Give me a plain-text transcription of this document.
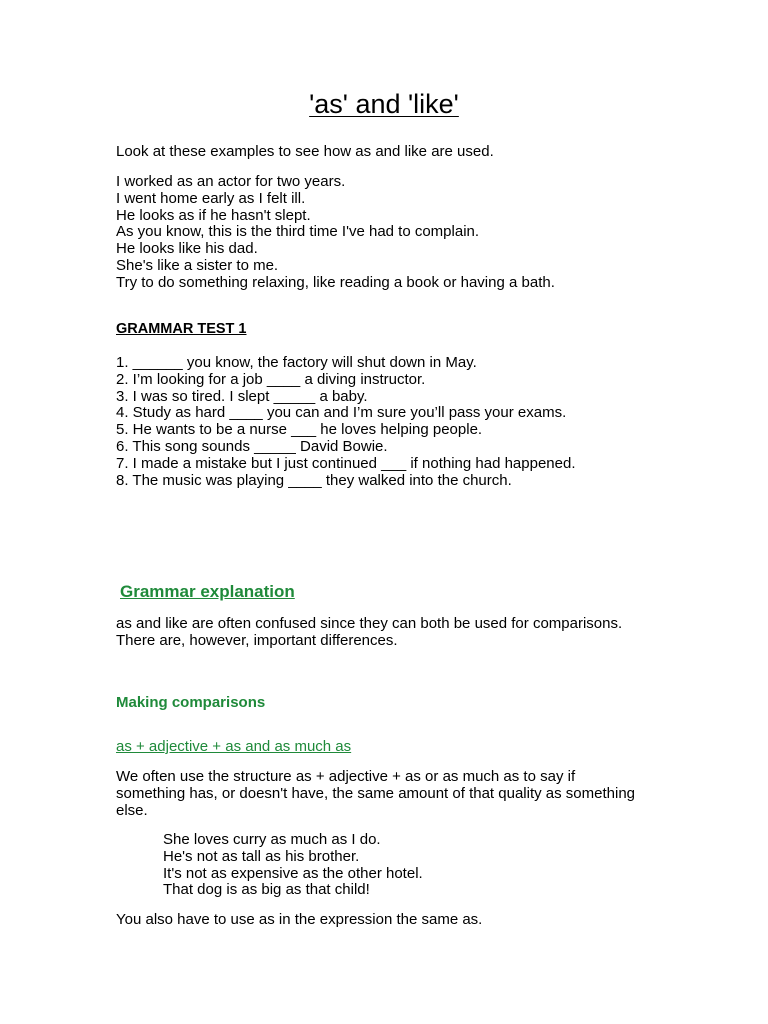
'as' and 'like'
Look at these examples to see how as and like are used.
I worked as an actor for two years.
I went home early as I felt ill.
He looks as if he hasn't slept.
As you know, this is the third time I've had to complain.
He looks like his dad.
She's like a sister to me.
Try to do something relaxing, like reading a book or having a bath.
GRAMMAR TEST 1
1. ______ you know, the factory will shut down in May.
2. I’m looking for a job ____ a diving instructor.
3. I was so tired. I slept _____ a baby.
4. Study as hard ____ you can and I’m sure you’ll pass your exams.
5. He wants to be a nurse ___ he loves helping people.
6. This song sounds _____ David Bowie.
7. I made a mistake but I just continued ___ if nothing had happened.
8. The music was playing ____ they walked into the church.
Grammar explanation
as and like are often confused since they can both be used for comparisons.
There are, however, important differences.
Making comparisons
as + adjective + as and as much as
We often use the structure as + adjective + as or as much as to say if
something has, or doesn't have, the same amount of that quality as something
else.
She loves curry as much as I do.
He's not as tall as his brother.
It's not as expensive as the other hotel.
That dog is as big as that child!
You also have to use as in the expression the same as.
